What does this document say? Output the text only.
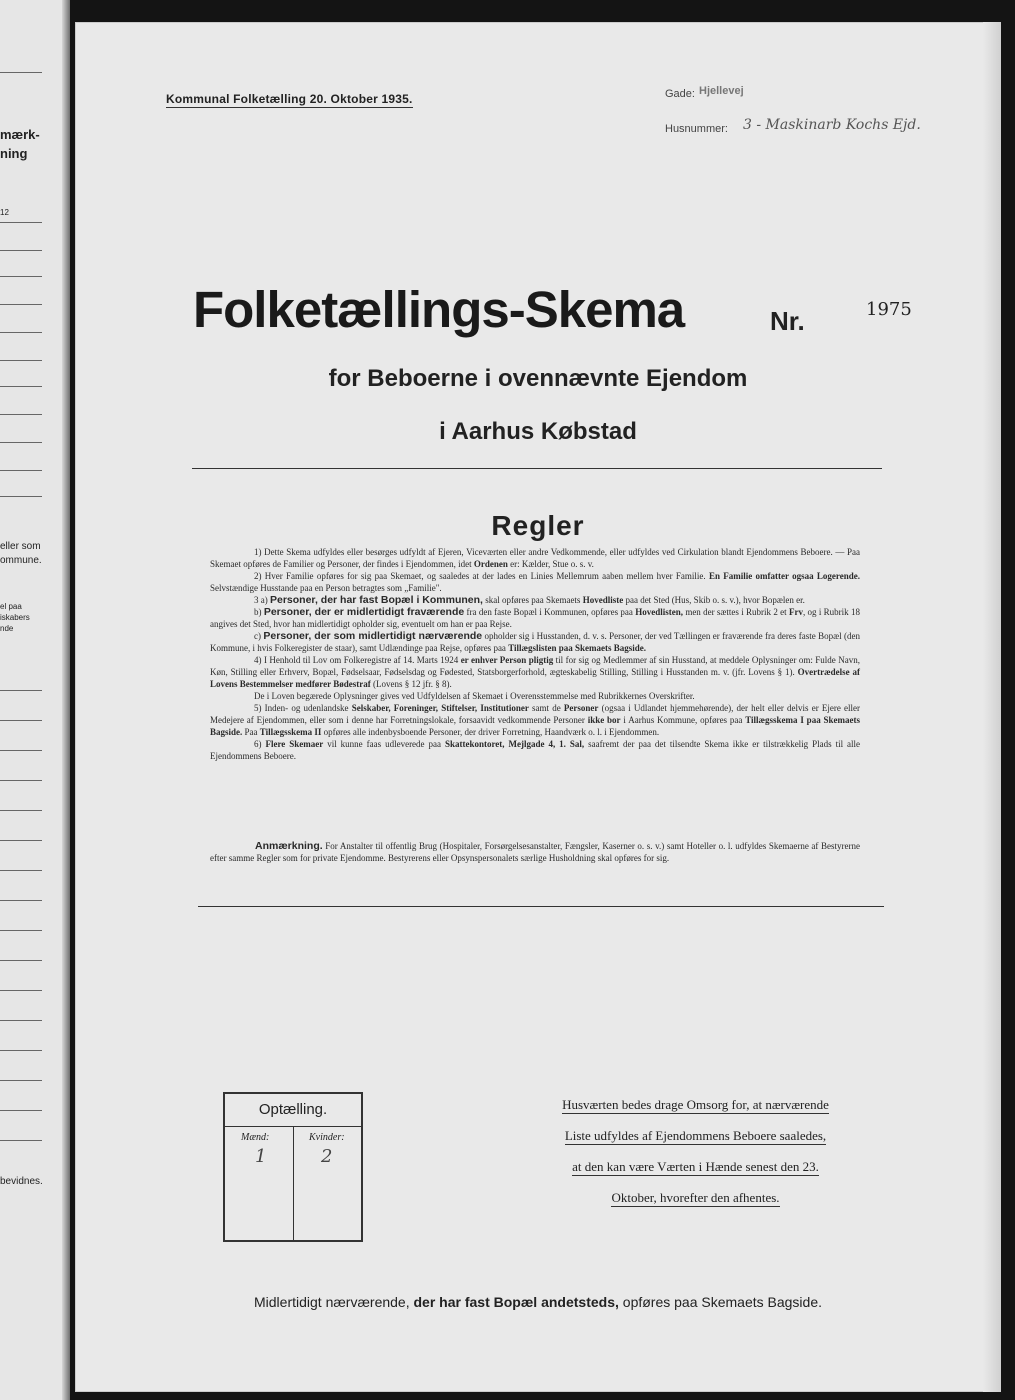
mærk-
ning
12
eller som
ommune.
el paa
iskabers
nde
bevidnes.
Kommunal Folketælling 20. Oktober 1935.	Gade: Hjellevej
Husnummer: 3 - Maskinarb Kochs Ejd.
Folketællings-Skema	Nr.	1975
for Beboerne i ovennævnte Ejendom
i Aarhus Købstad
Regler

1) Dette Skema udfyldes eller besørges udfyldt af Ejeren, Viceværten eller andre Vedkommende, eller udfyldes ved Cirkulation blandt Ejendommens Beboere. — Paa Skemaet opføres de Familier og Personer, der findes i Ejendommen, idet Ordenen er: Kælder, Stue o. s. v.

2) Hver Familie opføres for sig paa Skemaet, og saaledes at der lades en Linies Mellemrum aaben mellem hver Familie. En Familie omfatter ogsaa Logerende. Selvstændige Husstande paa en Person betragtes som „Familie".

3 a) Personer, der har fast Bopæl i Kommunen, skal opføres paa Skemaets Hovedliste paa det Sted (Hus, Skib o. s. v.), hvor Bopælen er.

b) Personer, der er midlertidigt fraværende fra den faste Bopæl i Kommunen, opføres paa Hovedlisten, men der sættes i Rubrik 2 et Frv, og i Rubrik 18 angives det Sted, hvor han midlertidigt opholder sig, eventuelt om han er paa Rejse.

c) Personer, der som midlertidigt nærværende opholder sig i Husstanden, d. v. s. Personer, der ved Tællingen er fraværende fra deres faste Bopæl (den Kommune, i hvis Folkeregister de staar), samt Udlændinge paa Rejse, opføres paa Tillægslisten paa Skemaets Bagside.

4) I Henhold til Lov om Folkeregistre af 14. Marts 1924 er enhver Person pligtig til for sig og Medlemmer af sin Husstand, at meddele Oplysninger om: Fulde Navn, Køn, Stilling eller Erhverv, Bopæl, Fødselsaar, Fødselsdag og Fødested, Statsborgerforhold, ægteskabelig Stilling, Stilling i Husstanden m. v. (jfr. Lovens § 1). Overtrædelse af Lovens Bestemmelser medfører Bødestraf (Lovens § 12 jfr. § 8).

De i Loven begærede Oplysninger gives ved Udfyldelsen af Skemaet i Overensstemmelse med Rubrikkernes Overskrifter.

5) Inden- og udenlandske Selskaber, Foreninger, Stiftelser, Institutioner samt de Personer (ogsaa i Udlandet hjemmehørende), der helt eller delvis er Ejere eller Medejere af Ejendommen, eller som i denne har Forretningslokale, forsaavidt vedkommende Personer ikke bor i Aarhus Kommune, opføres paa Tillægsskema I paa Skemaets Bagside. Paa Tillægsskema II opføres alle indenbysboende Personer, der driver Forretning, Haandværk o. l. i Ejendommen.

6) Flere Skemaer vil kunne faas udleverede paa Skattekontoret, Mejlgade 4, 1. Sal, saafremt der paa det tilsendte Skema ikke er tilstrækkelig Plads til alle Ejendommens Beboere.

Anmærkning. For Anstalter til offentlig Brug (Hospitaler, Forsørgelsesanstalter, Fængsler, Kaserner o. s. v.) samt Hoteller o. l. udfyldes Skemaerne af Bestyrerne efter samme Regler som for private Ejendomme. Bestyrerens eller Opsynspersonalets særlige Husholdning skal opføres for sig.

Optælling.
Mænd:	Kvinder:
1	2
Husværten bedes drage Omsorg for, at nærværende Liste udfyldes af Ejendommens Beboere saaledes, at den kan være Værten i Hænde senest den 23. Oktober, hvorefter den afhentes.
Midlertidigt nærværende, der har fast Bopæl andetsteds, opføres paa Skemaets Bagside.
